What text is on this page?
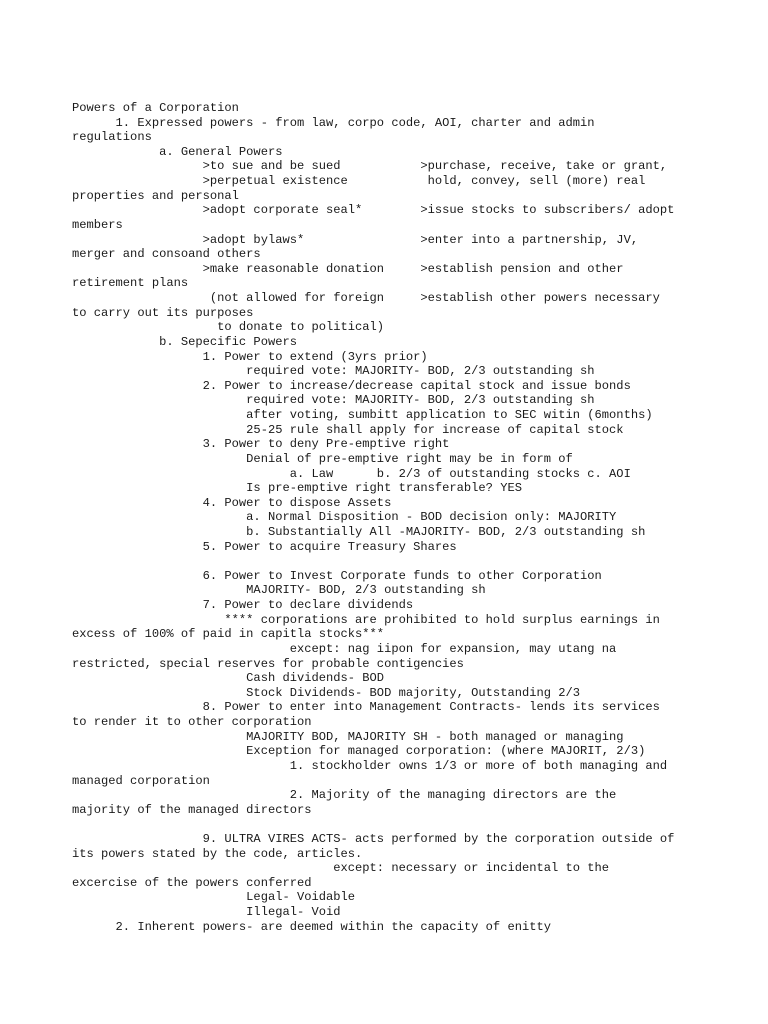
Powers of a Corporation
1. Expressed powers - from law, corpo code, AOI, charter and admin
regulations
a. General Powers
>to sue and be sued           >purchase, receive, take or grant,
>perpetual existence           hold, convey, sell (more) real
properties and personal
>adopt corporate seal*        >issue stocks to subscribers/ adopt
members
>adopt bylaws*                >enter into a partnership, JV,
merger and consoand others
>make reasonable donation     >establish pension and other
retirement plans
(not allowed for foreign     >establish other powers necessary
to carry out its purposes
to donate to political)
b. Sepecific Powers
1. Power to extend (3yrs prior)
required vote: MAJORITY- BOD, 2/3 outstanding sh
2. Power to increase/decrease capital stock and issue bonds
required vote: MAJORITY- BOD, 2/3 outstanding sh
after voting, sumbitt application to SEC witin (6months)
25-25 rule shall apply for increase of capital stock
3. Power to deny Pre-emptive right
Denial of pre-emptive right may be in form of
a. Law      b. 2/3 of outstanding stocks c. AOI
Is pre-emptive right transferable? YES
4. Power to dispose Assets
a. Normal Disposition - BOD decision only: MAJORITY
b. Substantially All -MAJORITY- BOD, 2/3 outstanding sh
5. Power to acquire Treasury Shares
6. Power to Invest Corporate funds to other Corporation
MAJORITY- BOD, 2/3 outstanding sh
7. Power to declare dividends
**** corporations are prohibited to hold surplus earnings in
excess of 100% of paid in capitla stocks***
except: nag iipon for expansion, may utang na
restricted, special reserves for probable contigencies
Cash dividends- BOD
Stock Dividends- BOD majority, Outstanding 2/3
8. Power to enter into Management Contracts- lends its services
to render it to other corporation
MAJORITY BOD, MAJORITY SH - both managed or managing
Exception for managed corporation: (where MAJORIT, 2/3)
1. stockholder owns 1/3 or more of both managing and
managed corporation
2. Majority of the managing directors are the
majority of the managed directors
9. ULTRA VIRES ACTS- acts performed by the corporation outside of
its powers stated by the code, articles.
except: necessary or incidental to the
excercise of the powers conferred
Legal- Voidable
Illegal- Void
2. Inherent powers- are deemed within the capacity of enitty
